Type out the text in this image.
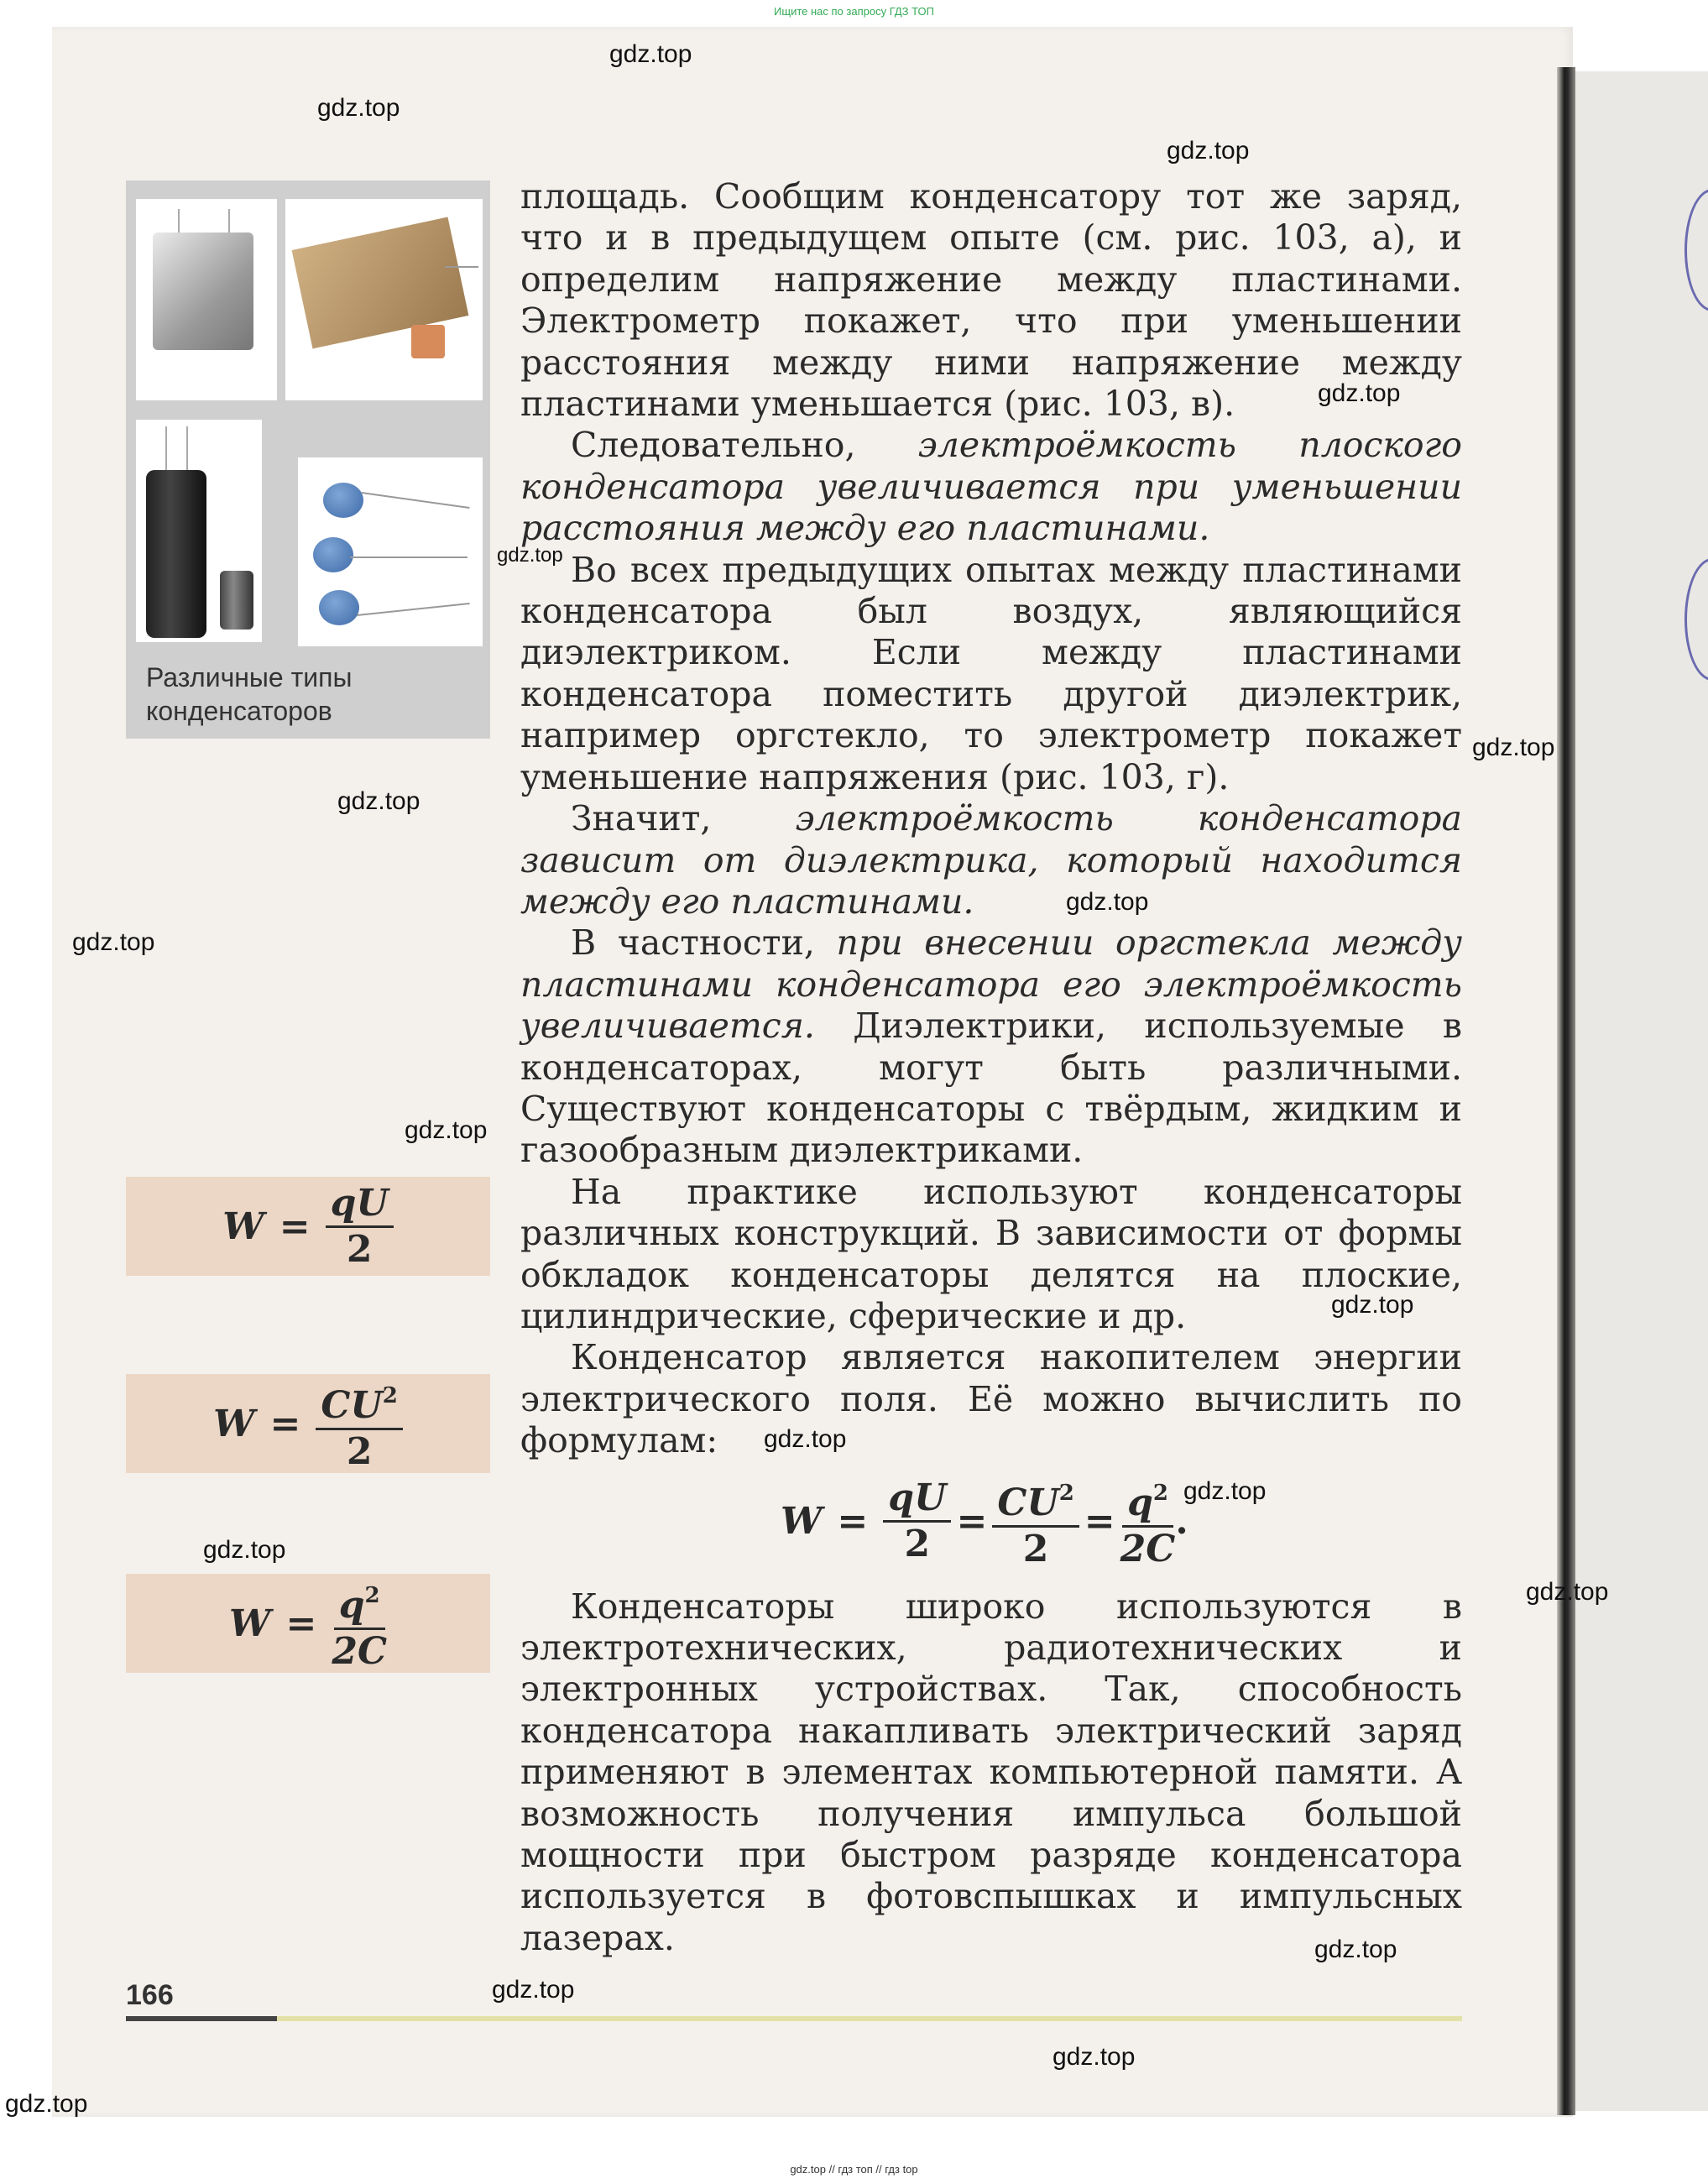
Ищите нас по запросу ГДЗ ТОП
Различные типы конденсаторов
$W = \frac{qU}{2}$
$W = \frac{CU^2}{2}$
$W = \frac{q^2}{2C}$

площадь. Сообщим конденсатору тот же заряд, что и в предыдущем опыте (см. рис. 103, а), и определим напряжение между пластинами. Электрометр покажет, что при уменьшении расстояния между ними напряжение между пластинами уменьшается (рис. 103, в).

Следовательно, электроёмкость плоского конденсатора увеличивается при уменьшении расстояния между его пластинами.

Во всех предыдущих опытах между пластинами конденсатора был воздух, являющийся диэлектриком. Если между пластинами конденсатора поместить другой диэлектрик, например оргстекло, то электрометр покажет уменьшение напряжения (рис. 103, г).

Значит, электроёмкость конденсатора зависит от диэлектрика, который находится между его пластинами.

В частности, при внесении оргстекла между пластинами конденсатора его электроёмкость увеличивается. Диэлектрики, используемые в конденсаторах, могут быть различными. Существуют конденсаторы с твёрдым, жидким и газообразным диэлектриками.

На практике используют конденсаторы различных конструкций. В зависимости от формы обкладок конденсаторы делятся на плоские, цилиндрические, сферические и др.

Конденсатор является накопителем энергии электрического поля. Её можно вычислить по формулам:

Конденсаторы широко используются в электротехнических, радиотехнических и электронных устройствах. Так, способность конденсатора накапливать электрический заряд применяют в элементах компьютерной памяти. А возможность получения импульса большой мощности при быстром разряде конденсатора используется в фотовспышках и импульсных лазерах.

$W = \frac{qU}{2} = \frac{CU^2}{2} = \frac{q^2}{2C}$ .
166
gdz.top
gdz.top
gdz.top
gdz.top
gdz.top
gdz.top
gdz.top
gdz.top
gdz.top
gdz.top
gdz.top
gdz.top
gdz.top
gdz.top
gdz.top
gdz.top
gdz.top
gdz.top
gdz.top
gdz.top // гдз топ // гдз top
